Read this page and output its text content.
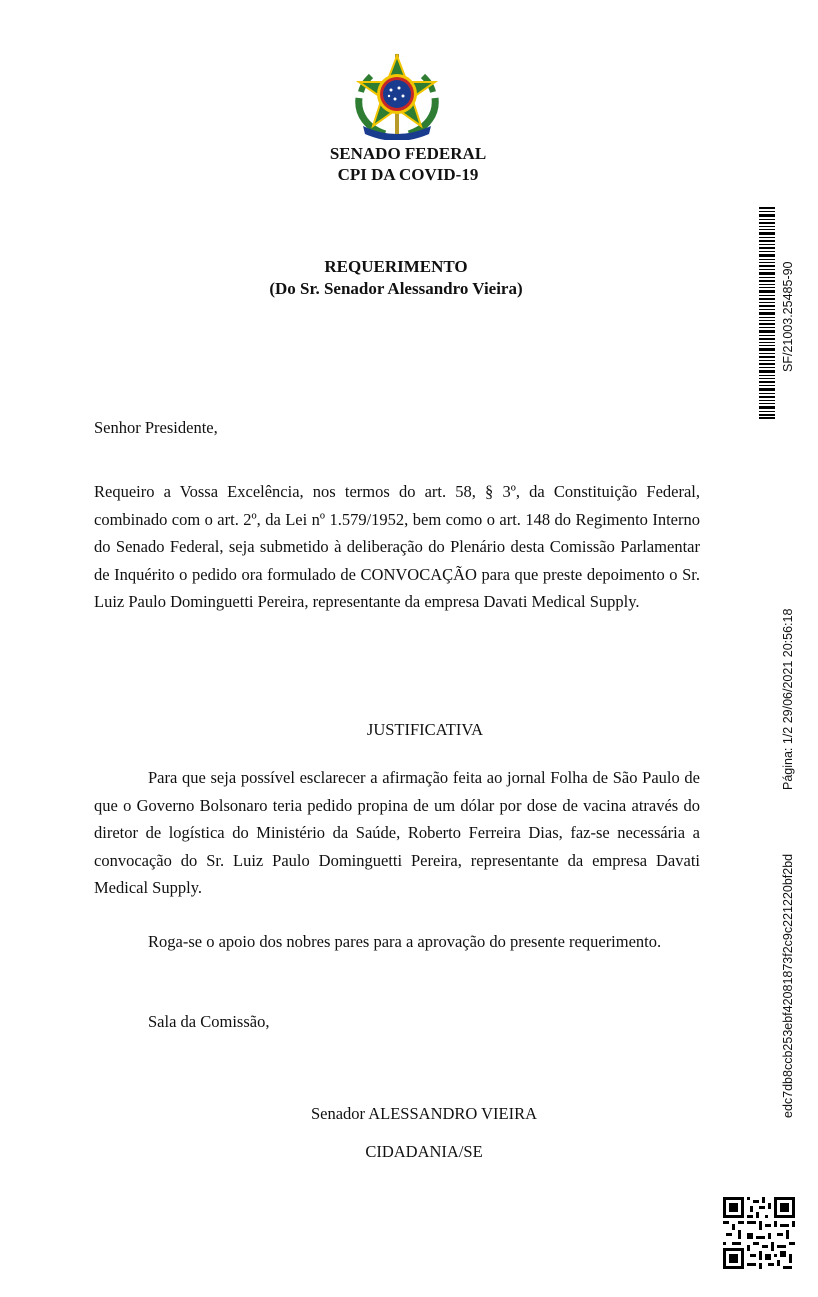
SENADO FEDERAL
CPI DA COVID-19
REQUERIMENTO
(Do Sr. Senador Alessandro Vieira)
Senhor Presidente,
Requeiro a Vossa Excelência, nos termos do art. 58, § 3º, da Constituição Federal, combinado com o art. 2º, da Lei nº 1.579/1952, bem como o art. 148 do Regimento Interno do Senado Federal, seja submetido à deliberação do Plenário desta Comissão Parlamentar de Inquérito o pedido ora formulado de CONVOCAÇÃO para que preste depoimento o Sr. Luiz Paulo Dominguetti Pereira, representante da empresa Davati Medical Supply.
JUSTIFICATIVA
Para que seja possível esclarecer a afirmação feita ao jornal Folha de São Paulo de que o Governo Bolsonaro teria pedido propina de um dólar por dose de vacina através do diretor de logística do Ministério da Saúde, Roberto Ferreira Dias, faz-se necessária a convocação do Sr. Luiz Paulo Dominguetti Pereira, representante da empresa Davati Medical Supply.
Roga-se o apoio dos nobres pares para a aprovação do presente requerimento.
Sala da Comissão,
Senador ALESSANDRO VIEIRA
CIDADANIA/SE
SF/21003.25485-90
Página: 1/2 29/06/2021 20:56:18
edc7db8ccb253ebf42081873f2c9c221220bf2bd
